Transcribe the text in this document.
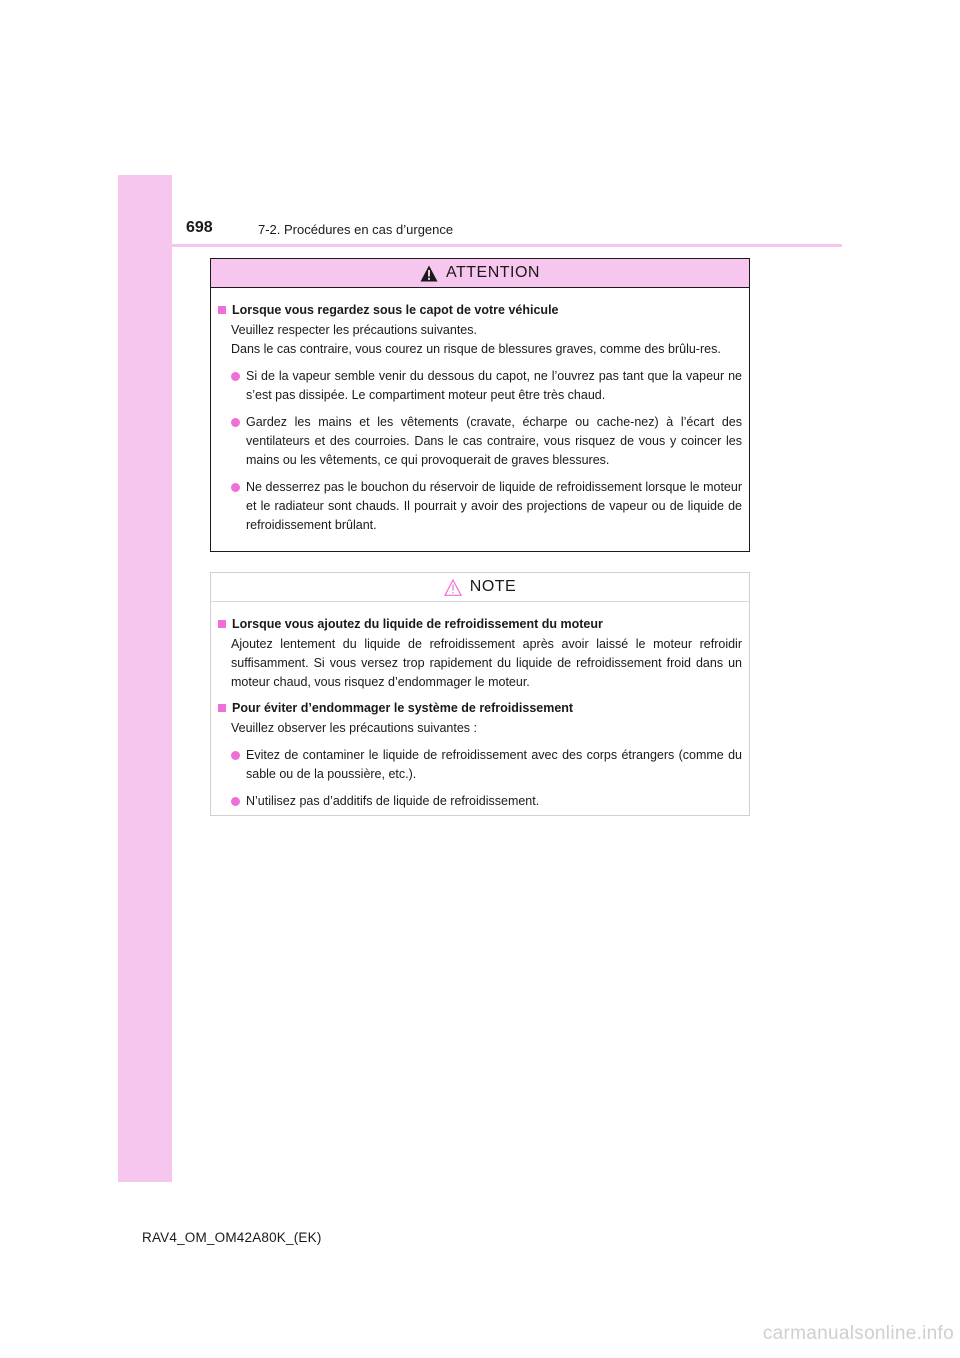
698	7-2. Procédures en cas d’urgence
ATTENTION
Lorsque vous regardez sous le capot de votre véhicule
Veuillez respecter les précautions suivantes.
Dans le cas contraire, vous courez un risque de blessures graves, comme des brûlu-res.
Si de la vapeur semble venir du dessous du capot, ne l’ouvrez pas tant que la vapeur ne s’est pas dissipée. Le compartiment moteur peut être très chaud.
Gardez les mains et les vêtements (cravate, écharpe ou cache-nez) à l’écart des ventilateurs et des courroies. Dans le cas contraire, vous risquez de vous y coincer les mains ou les vêtements, ce qui provoquerait de graves blessures.
Ne desserrez pas le bouchon du réservoir de liquide de refroidissement lorsque le moteur et le radiateur sont chauds. Il pourrait y avoir des projections de vapeur ou de liquide de refroidissement brûlant.
NOTE
Lorsque vous ajoutez du liquide de refroidissement du moteur
Ajoutez lentement du liquide de refroidissement après avoir laissé le moteur refroidir suffisamment. Si vous versez trop rapidement du liquide de refroidissement froid dans un moteur chaud, vous risquez d’endommager le moteur.
Pour éviter d’endommager le système de refroidissement
Veuillez observer les précautions suivantes :
Evitez de contaminer le liquide de refroidissement avec des corps étrangers (comme du sable ou de la poussière, etc.).
N’utilisez pas d’additifs de liquide de refroidissement.
RAV4_OM_OM42A80K_(EK)
carmanualsonline.info
